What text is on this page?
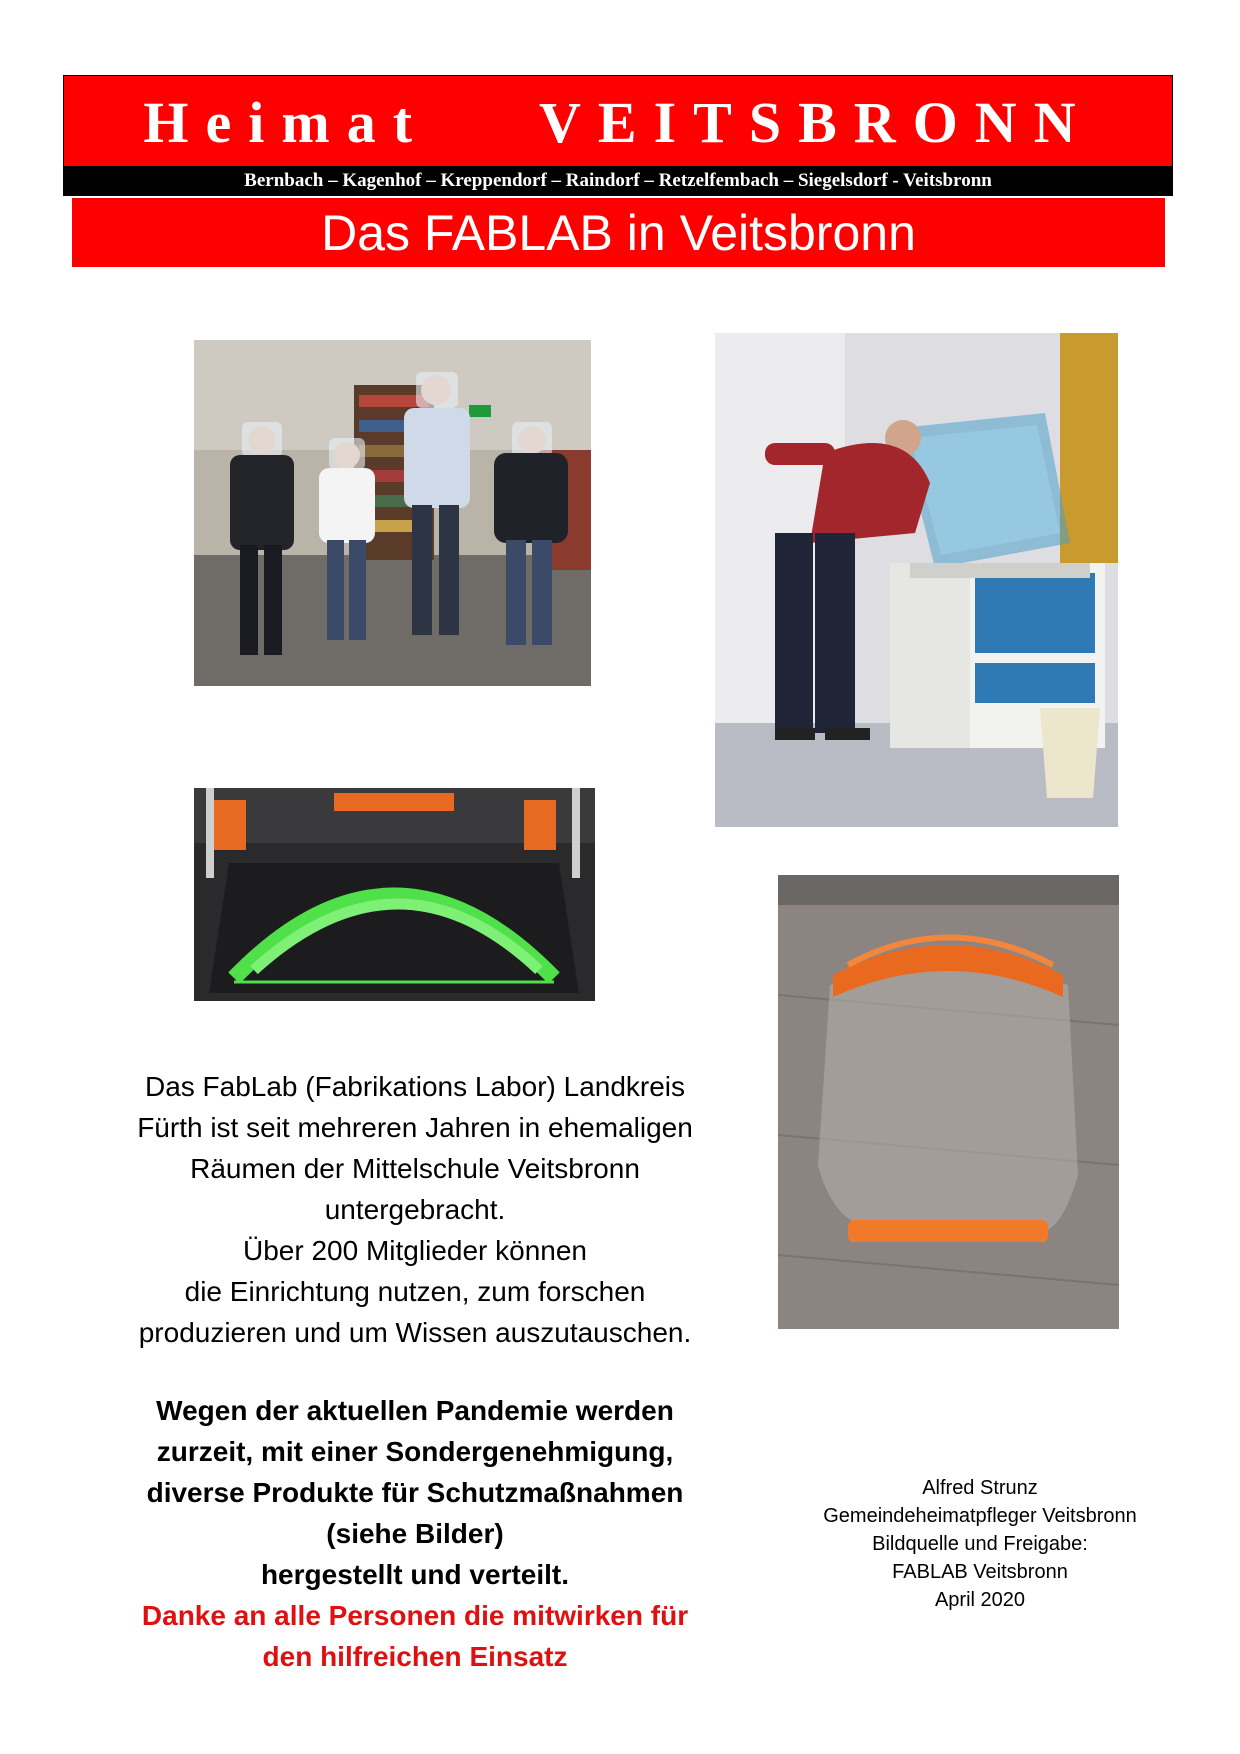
Heimat VEITSBRONN
Bernbach – Kagenhof – Kreppendorf – Raindorf – Retzelfembach – Siegelsdorf - Veitsbronn
Das FABLAB in Veitsbronn

Das FabLab (Fabrikations Labor) Landkreis

Fürth ist seit mehreren Jahren in ehemaligen

Räumen der Mittelschule Veitsbronn

untergebracht.

Über 200 Mitglieder können

die Einrichtung nutzen, zum forschen

produzieren und um Wissen auszutauschen.

Wegen der aktuellen Pandemie werden

zurzeit, mit einer Sondergenehmigung,

diverse Produkte für Schutzmaßnahmen

(siehe Bilder)

hergestellt und verteilt.

Danke an alle Personen die mitwirken für

den hilfreichen Einsatz

Alfred Strunz

Gemeindeheimatpfleger Veitsbronn

Bildquelle und Freigabe:

FABLAB Veitsbronn

April 2020
